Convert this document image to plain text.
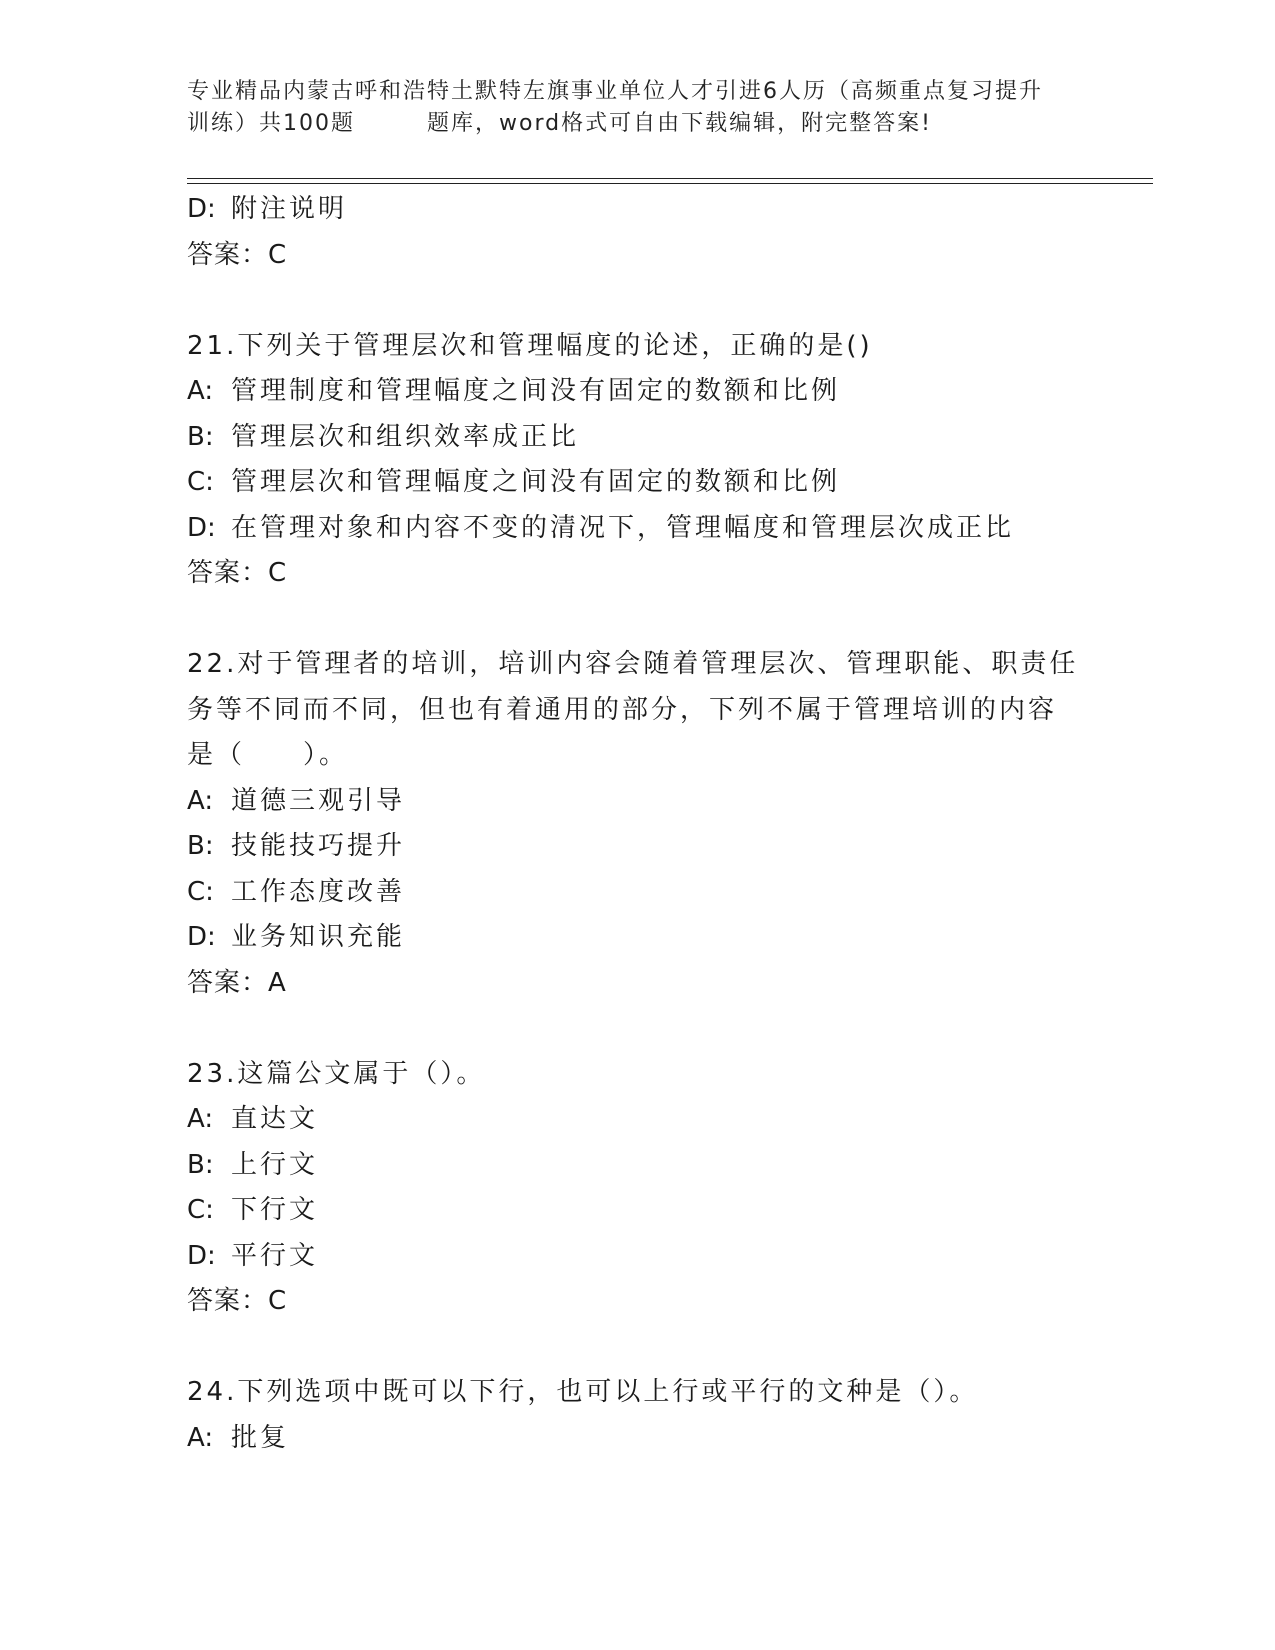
专业精品内蒙古呼和浩特土默特左旗事业单位人才引进6人历（高频重点复习提升
训练）共100题	题库，word格式可自由下载编辑，附完整答案!
D: 附注说明
答案：C
21.下列关于管理层次和管理幅度的论述，正确的是()
A: 管理制度和管理幅度之间没有固定的数额和比例
B: 管理层次和组织效率成正比
C: 管理层次和管理幅度之间没有固定的数额和比例
D: 在管理对象和内容不变的清况下，管理幅度和管理层次成正比
答案：C
22.对于管理者的培训，培训内容会随着管理层次、管理职能、职责任
务等不同而不同，但也有着通用的部分，下列不属于管理培训的内容
是（　　）。
A: 道德三观引导
B: 技能技巧提升
C: 工作态度改善
D: 业务知识充能
答案：A
23.这篇公文属于（）。
A: 直达文
B: 上行文
C: 下行文
D: 平行文
答案：C
24.下列选项中既可以下行，也可以上行或平行的文种是（）。
A: 批复
